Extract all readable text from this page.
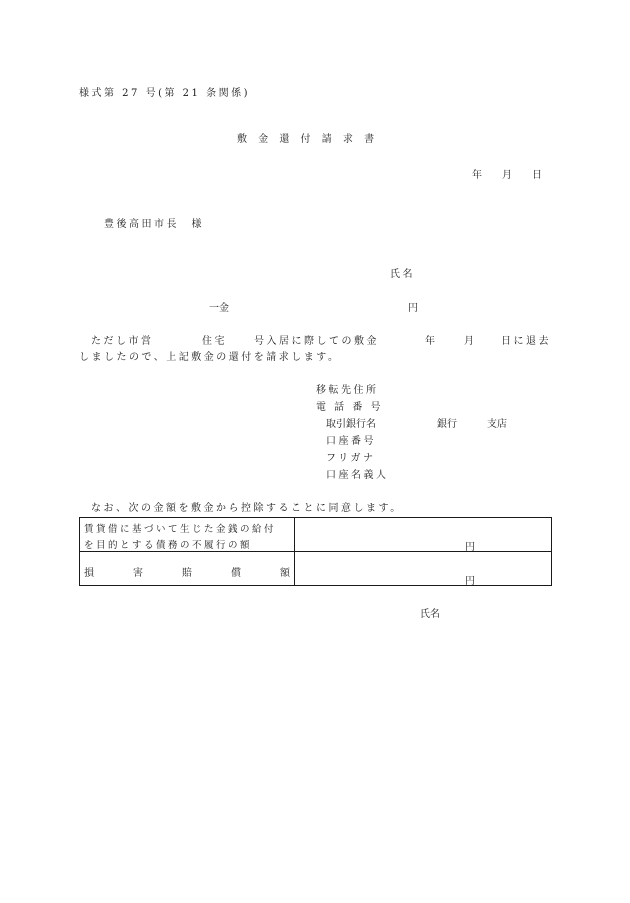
様式第 27 号(第 21 条関係)
敷 金 還 付 請 求 書
年 月 日
豊後高田市長　様
氏名
一金	円
ただし市営	住宅	号入居に際しての敷金	年	月	日に退去
しましたので、上記敷金の還付を請求します。
移転先住所
電 話 番 号
取引銀行名	銀行	支店
口座番号
フリガナ
口座名義人
なお、次の金額を敷金から控除することに同意します。
賃貸借に基づいて生じた金銭の給付
を目的とする債務の不履行の額	円

損 害 賠 償 額	円
氏名
